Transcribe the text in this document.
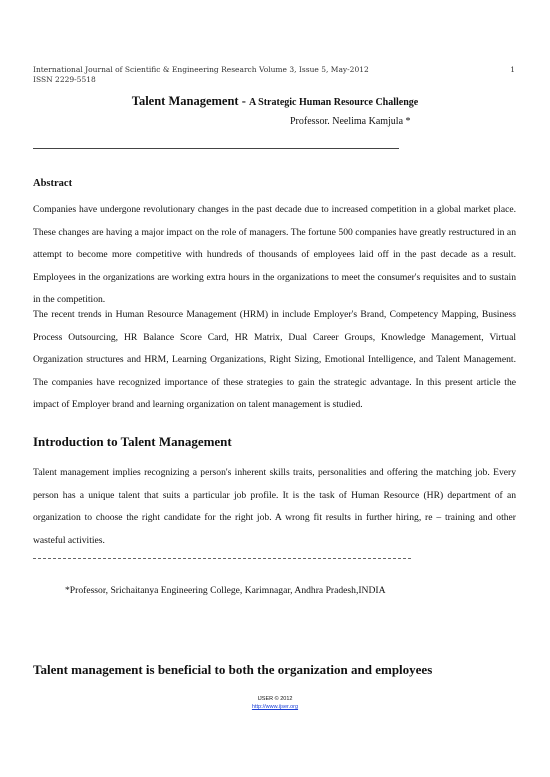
International Journal of Scientific & Engineering Research Volume 3, Issue 5, May-2012
ISSN 2229-5518
1
Talent Management - A Strategic Human Resource Challenge
Professor. Neelima Kamjula *
Abstract
Companies have undergone revolutionary changes in the past decade due to increased competition in a global market place. These changes are having a major impact on the role of managers. The fortune 500 companies have greatly restructured in an attempt to become more competitive with hundreds of thousands of employees laid off in the past decade as a result. Employees in the organizations are working extra hours in the organizations to meet the consumer's requisites and to sustain in the competition.
The recent trends in Human Resource Management (HRM) in include Employer's Brand, Competency Mapping, Business Process Outsourcing, HR Balance Score Card, HR Matrix, Dual Career Groups, Knowledge Management, Virtual Organization structures and HRM, Learning Organizations, Right Sizing, Emotional Intelligence, and Talent Management. The companies have recognized importance of these strategies to gain the strategic advantage. In this present article the impact of Employer brand and learning organization on talent management is studied.
Introduction to Talent Management
Talent management implies recognizing a person's inherent skills traits, personalities and offering the matching job. Every person has a unique talent that suits a particular job profile. It is the task of Human Resource (HR) department of an organization to choose the right candidate for the right job. A wrong fit results in further hiring, re – training and other wasteful activities.
*Professor, Srichaitanya Engineering College, Karimnagar, Andhra Pradesh,INDIA
Talent management is beneficial to both the organization and employees
IJSER © 2012
http://www.ijser.org
